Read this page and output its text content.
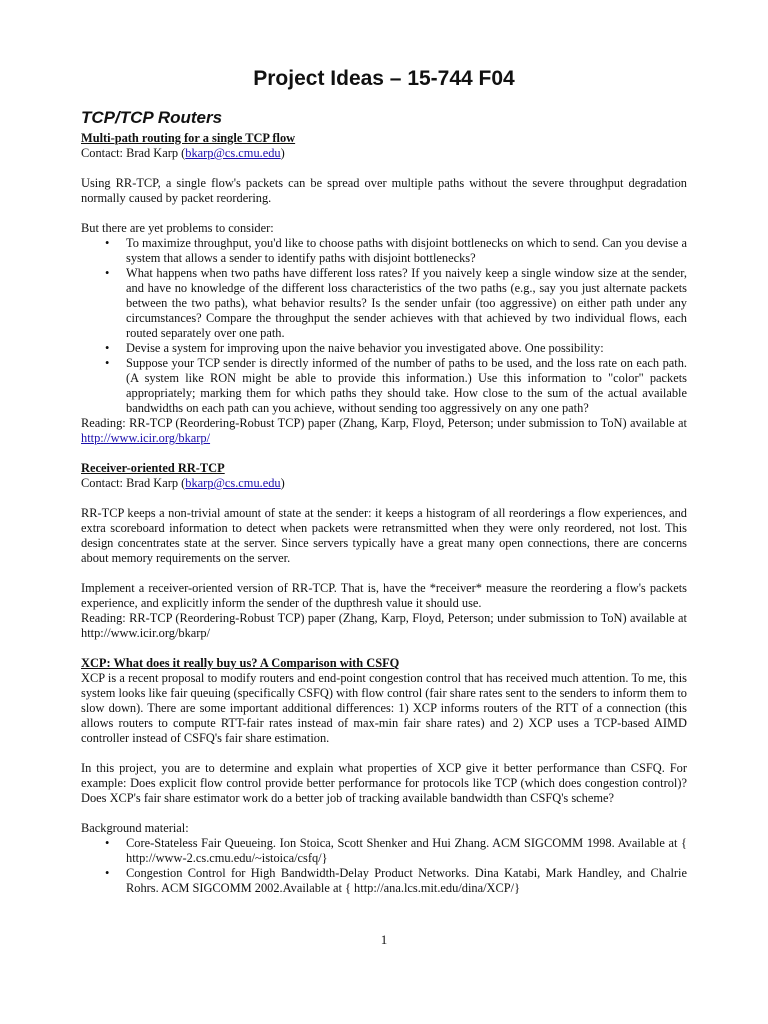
Project Ideas – 15-744 F04
TCP/TCP Routers
Multi-path routing for a single TCP flow

Contact: Brad Karp (bkarp@cs.cmu.edu)

Using RR-TCP, a single flow's packets can be spread over multiple paths without the severe throughput degradation normally caused by packet reordering.

But there are yet problems to consider:

• To maximize throughput, you'd like to choose paths with disjoint bottlenecks on which to send. Can you devise a system that allows a sender to identify paths with disjoint bottlenecks?
• What happens when two paths have different loss rates? If you naively keep a single window size at the sender, and have no knowledge of the different loss characteristics of the two paths (e.g., say you just alternate packets between the two paths), what behavior results? Is the sender unfair (too aggressive) on either path under any circumstances? Compare the throughput the sender achieves with that achieved by two individual flows, each routed separately over one path.
• Devise a system for improving upon the naive behavior you investigated above. One possibility:
• Suppose your TCP sender is directly informed of the number of paths to be used, and the loss rate on each path. (A system like RON might be able to provide this information.) Use this information to "color" packets appropriately; marking them for which paths they should take. How close to the sum of the actual available bandwidths on each path can you achieve, without sending too aggressively on any one path?

Reading: RR-TCP (Reordering-Robust TCP) paper (Zhang, Karp, Floyd, Peterson; under submission to ToN) available at http://www.icir.org/bkarp/

Receiver-oriented RR-TCP

Contact: Brad Karp (bkarp@cs.cmu.edu)

RR-TCP keeps a non-trivial amount of state at the sender: it keeps a histogram of all reorderings a flow experiences, and extra scoreboard information to detect when packets were retransmitted when they were only reordered, not lost. This design concentrates state at the server. Since servers typically have a great many open connections, there are concerns about memory requirements on the server.

Implement a receiver-oriented version of RR-TCP. That is, have the *receiver* measure the reordering a flow's packets experience, and explicitly inform the sender of the dupthresh value it should use.

Reading: RR-TCP (Reordering-Robust TCP) paper (Zhang, Karp, Floyd, Peterson; under submission to ToN) available at http://www.icir.org/bkarp/

XCP: What does it really buy us? A Comparison with CSFQ

XCP is a recent proposal to modify routers and end-point congestion control that has received much attention. To me, this system looks like fair queuing (specifically CSFQ) with flow control (fair share rates sent to the senders to inform them to slow down). There are some important additional differences: 1) XCP informs routers of the RTT of a connection (this allows routers to compute RTT-fair rates instead of max-min fair share rates) and 2) XCP uses a TCP-based AIMD controller instead of CSFQ's fair share estimation.

In this project, you are to determine and explain what properties of XCP give it better performance than CSFQ. For example: Does explicit flow control provide better performance for protocols like TCP (which does congestion control)? Does XCP's fair share estimator work do a better job of tracking available bandwidth than CSFQ's scheme?

Background material:

• Core-Stateless Fair Queueing. Ion Stoica, Scott Shenker and Hui Zhang. ACM SIGCOMM 1998. Available at { http://www-2.cs.cmu.edu/~istoica/csfq/}
• Congestion Control for High Bandwidth-Delay Product Networks. Dina Katabi, Mark Handley, and Chalrie Rohrs. ACM SIGCOMM 2002.Available at { http://ana.lcs.mit.edu/dina/XCP/}
1
